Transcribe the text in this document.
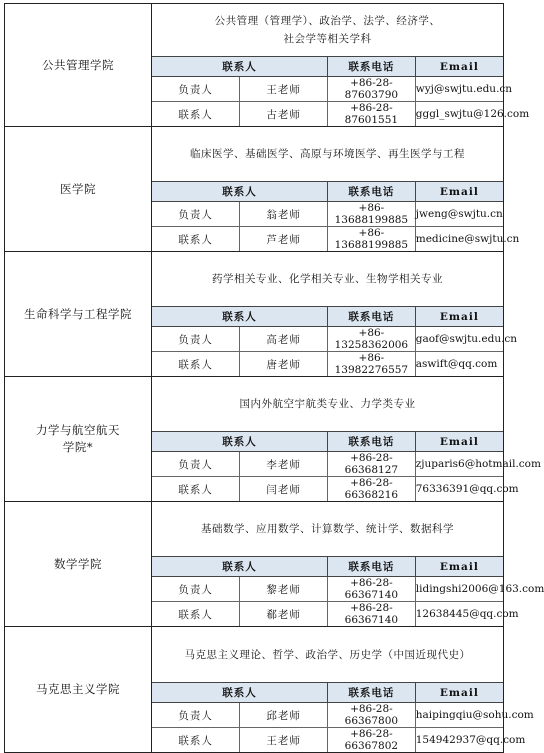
公共管理学院	
公共管理（管理学）、政治学、法学、经济学、
社会学等相关学科

联系人	联系电话	Email
负责人	王老师	+86-28-87603790	wyj@swjtu.edu.cn
联系人	古老师	+86-28-87601551	gggl_swjtu@126.com

医学院	
临床医学、基础医学、高原与环境医学、再生医学与工程

联系人	联系电话	Email
负责人	翁老师	+86-13688199885	jweng@swjtu.cn
联系人	芦老师	+86-13688199885	medicine@swjtu.cn

生命科学与工程学院	
药学相关专业、化学相关专业、生物学相关专业

联系人	联系电话	Email
负责人	高老师	+86-13258362006	gaof@swjtu.edu.cn
联系人	唐老师	+86-13982276557	aswift@qq.com

力学与航空航天
学院*

国内外航空宇航类专业、力学类专业

联系人	联系电话	Email
负责人	李老师	+86-28-66368127	zjuparis6@hotmail.com
联系人	闫老师	+86-28-66368216	76336391@qq.com

数学学院	
基础数学、应用数学、计算数学、统计学、数据科学

联系人	联系电话	Email
负责人	黎老师	+86-28-66367140	lidingshi2006@163.com
联系人	郗老师	+86-28-66367140	12638445@qq.com

马克思主义学院	
马克思主义理论、哲学、政治学、历史学（中国近现代史）

联系人	联系电话	Email
负责人	邱老师	+86-28-66367800	haipingqiu@sohu.com
联系人	王老师	+86-28-66367802	154942937@qq.com
